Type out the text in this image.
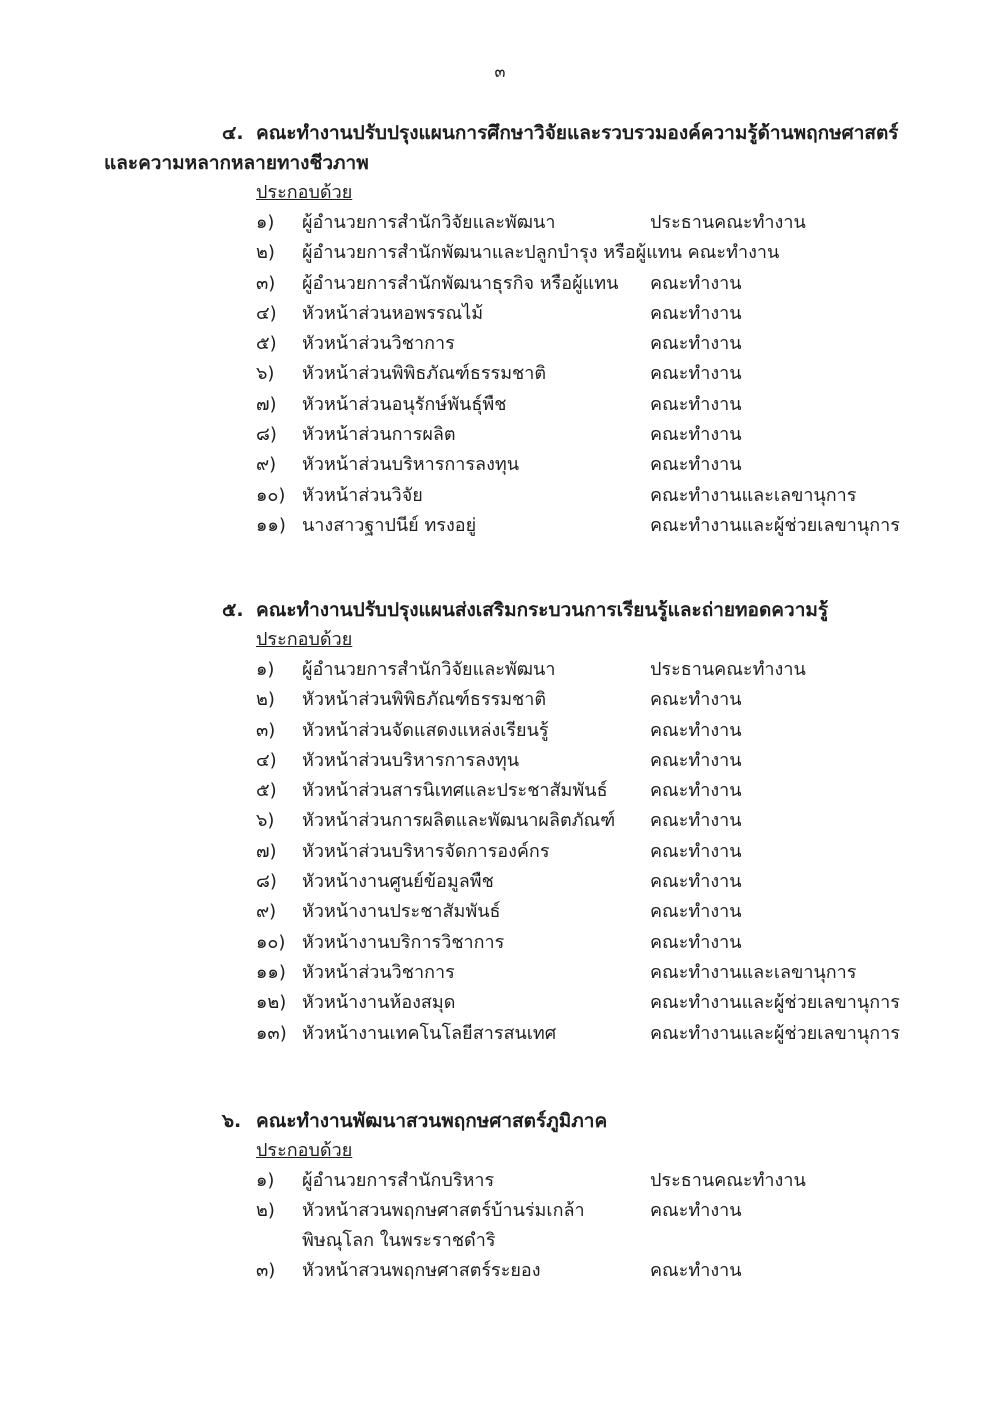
๓
๔. คณะทำงานปรับปรุงแผนการศึกษาวิจัยและรวบรวมองค์ความรู้ด้านพฤกษศาสตร์
และความหลากหลายทางชีวภาพ
ประกอบด้วย
๑) ผู้อำนวยการสำนักวิจัยและพัฒนา	ประธานคณะทำงาน
๒) ผู้อำนวยการสำนักพัฒนาและปลูกบำรุง หรือผู้แทน คณะทำงาน
๓) ผู้อำนวยการสำนักพัฒนาธุรกิจ หรือผู้แทน คณะทำงาน
๔) หัวหน้าส่วนหอพรรณไม้	คณะทำงาน
๕) หัวหน้าส่วนวิชาการ	คณะทำงาน
๖) หัวหน้าส่วนพิพิธภัณฑ์ธรรมชาติ	คณะทำงาน
๗) หัวหน้าส่วนอนุรักษ์พันธุ์พืช	คณะทำงาน
๘) หัวหน้าส่วนการผลิต	คณะทำงาน
๙) หัวหน้าส่วนบริหารการลงทุน	คณะทำงาน
๑๐) หัวหน้าส่วนวิจัย	คณะทำงานและเลขานุการ
๑๑) นางสาวฐาปนีย์ ทรงอยู่	คณะทำงานและผู้ช่วยเลขานุการ
๕. คณะทำงานปรับปรุงแผนส่งเสริมกระบวนการเรียนรู้และถ่ายทอดความรู้
ประกอบด้วย
๑) ผู้อำนวยการสำนักวิจัยและพัฒนา	ประธานคณะทำงาน
๒) หัวหน้าส่วนพิพิธภัณฑ์ธรรมชาติ	คณะทำงาน
๓) หัวหน้าส่วนจัดแสดงแหล่งเรียนรู้	คณะทำงาน
๔) หัวหน้าส่วนบริหารการลงทุน	คณะทำงาน
๕) หัวหน้าส่วนสารนิเทศและประชาสัมพันธ์ คณะทำงาน
๖) หัวหน้าส่วนการผลิตและพัฒนาผลิตภัณฑ์ คณะทำงาน
๗) หัวหน้าส่วนบริหารจัดการองค์กร	คณะทำงาน
๘) หัวหน้างานศูนย์ข้อมูลพืช	คณะทำงาน
๙) หัวหน้างานประชาสัมพันธ์	คณะทำงาน
๑๐) หัวหน้างานบริการวิชาการ	คณะทำงาน
๑๑) หัวหน้าส่วนวิชาการ	คณะทำงานและเลขานุการ
๑๒) หัวหน้างานห้องสมุด	คณะทำงานและผู้ช่วยเลขานุการ
๑๓) หัวหน้างานเทคโนโลยีสารสนเทศ	คณะทำงานและผู้ช่วยเลขานุการ
๖. คณะทำงานพัฒนาสวนพฤกษศาสตร์ภูมิภาค
ประกอบด้วย
๑) ผู้อำนวยการสำนักบริหาร	ประธานคณะทำงาน
๒) หัวหน้าสวนพฤกษศาสตร์บ้านร่มเกล้า พิษณุโลก ในพระราชดำริ
คณะทำงาน
๓) หัวหน้าสวนพฤกษศาสตร์ระยอง	คณะทำงาน
